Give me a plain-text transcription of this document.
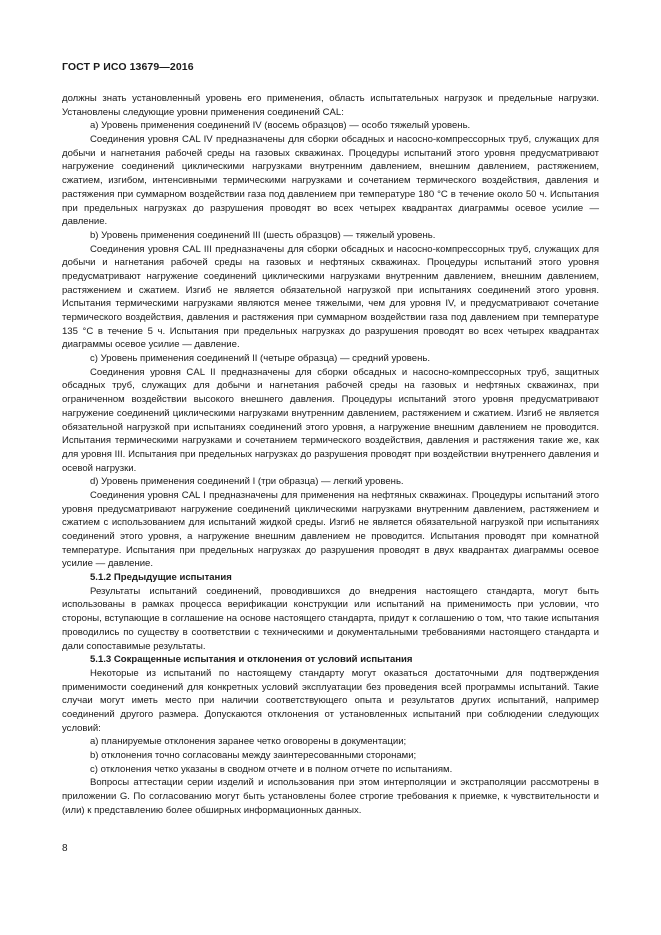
ГОСТ Р ИСО 13679—2016

должны знать установленный уровень его применения, область испытательных нагрузок и предельные нагрузки. Установлены следующие уровни применения соединений CAL:

а) Уровень применения соединений IV (восемь образцов) — особо тяжелый уровень.

Соединения уровня CAL IV предназначены для сборки обсадных и насосно-компрессорных труб, служащих для добычи и нагнетания рабочей среды на газовых скважинах. Процедуры испытаний этого уровня предусматривают нагружение соединений циклическими нагрузками внутренним давлением, внешним давлением, растяжением, сжатием, изгибом, интенсивными термическими нагрузками и сочетанием термического воздействия, давления и растяжения при суммарном воздействии газа под давлением при температуре 180 °С в течение около 50 ч. Испытания при предельных нагрузках до разрушения проводят во всех четырех квадрантах диаграммы осевое усилие — давление.

b) Уровень применения соединений III (шесть образцов) — тяжелый уровень.

Соединения уровня CAL III предназначены для сборки обсадных и насосно-компрессорных труб, служащих для добычи и нагнетания рабочей среды на газовых и нефтяных скважинах. Процедуры испытаний этого уровня предусматривают нагружение соединений циклическими нагрузками внутренним давлением, внешним давлением, растяжением и сжатием. Изгиб не является обязательной нагрузкой при испытаниях соединений этого уровня. Испытания термическими нагрузками являются менее тяжелыми, чем для уровня IV, и предусматривают сочетание термического воздействия, давления и растяжения при суммарном воздействии газа под давлением при температуре 135 °С в течение 5 ч. Испытания при предельных нагрузках до разрушения проводят во всех четырех квадрантах диаграммы осевое усилие — давление.

с) Уровень применения соединений II (четыре образца) — средний уровень.

Соединения уровня CAL II предназначены для сборки обсадных и насосно-компрессорных труб, защитных обсадных труб, служащих для добычи и нагнетания рабочей среды на газовых и нефтяных скважинах, при ограниченном воздействии высокого внешнего давления. Процедуры испытаний этого уровня предусматривают нагружение соединений циклическими нагрузками внутренним давлением, растяжением и сжатием. Изгиб не является обязательной нагрузкой при испытаниях соединений этого уровня, а нагружение внешним давлением не проводится. Испытания термическими нагрузками и сочетанием термического воздействия, давления и растяжения такие же, как для уровня III. Испытания при предельных нагрузках до разрушения проводят при воздействии внутреннего давления и осевой нагрузки.

d) Уровень применения соединений I (три образца) — легкий уровень.

Соединения уровня CAL I предназначены для применения на нефтяных скважинах. Процедуры испытаний этого уровня предусматривают нагружение соединений циклическими нагрузками внутренним давлением, растяжением и сжатием с использованием для испытаний жидкой среды. Изгиб не является обязательной нагрузкой при испытаниях соединений этого уровня, а нагружение внешним давлением не проводится. Испытания проводят при комнатной температуре. Испытания при предельных нагрузках до разрушения проводят в двух квадрантах диаграммы осевое усилие — давление.

5.1.2 Предыдущие испытания

Результаты испытаний соединений, проводившихся до внедрения настоящего стандарта, могут быть использованы в рамках процесса верификации конструкции или испытаний на применимость при условии, что стороны, вступающие в соглашение на основе настоящего стандарта, придут к соглашению о том, что такие испытания проводились по существу в соответствии с техническими и документальными требованиями настоящего стандарта и дали сопоставимые результаты.

5.1.3 Сокращенные испытания и отклонения от условий испытания

Некоторые из испытаний по настоящему стандарту могут оказаться достаточными для подтверждения применимости соединений для конкретных условий эксплуатации без проведения всей программы испытаний. Такие случаи могут иметь место при наличии соответствующего опыта и результатов других испытаний, например соединений другого размера. Допускаются отклонения от установленных испытаний при соблюдении следующих условий:

a) планируемые отклонения заранее четко оговорены в документации;

b) отклонения точно согласованы между заинтересованными сторонами;

c) отклонения четко указаны в сводном отчете и в полном отчете по испытаниям.

Вопросы аттестации серии изделий и использования при этом интерполяции и экстраполяции рассмотрены в приложении G. По согласованию могут быть установлены более строгие требования к приемке, к чувствительности и (или) к представлению более обширных информационных данных.

8
